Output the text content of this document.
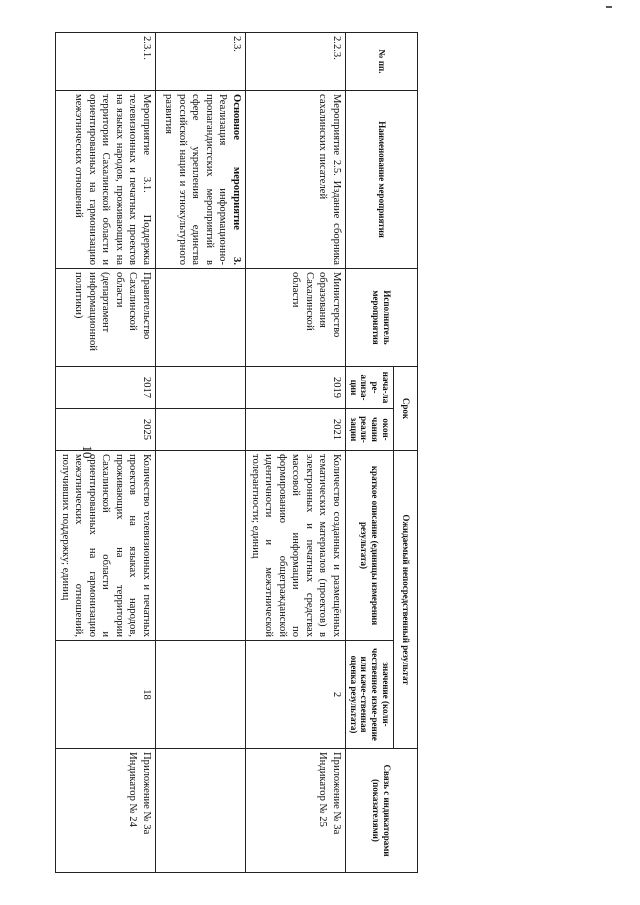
10
№ пп.	Наименование мероприятия	Исполнитель мероприятия	Срок		Ожидаемый непосредственный результат		Связь с индикаторами (показателями)
			нача-ла ре-ализа-ции	окон-чания реали-зации	краткое описание (единицы измерения результата)	значение (коли-чественное изме-рение или каче-ственная оценка результата)	

2.2.3.	Мероприятие 2.5. Издание сборника сахалинских писателей	Министерство образования Сахалинской области	2019	2021	Количество созданных и размещённых тематических материалов (проектов) в электронных и печатных средствах массовой информации по формированию общегражданской идентичности и межэтнической толерантности; единиц	2	Приложение № 3а Индикатор № 25
2.3.	Основное мероприятие 3. Реализация информационно-пропагандистских мероприятий в сфере укрепления единства российской нации и этнокультурного развития						
2.3.1.	Мероприятие 3.1. Поддержка телевизионных и печатных проектов на языках народов, проживающих на территории Сахалинской области и ориентированных на гармонизацию межэтнических отношений	Правительство Сахалинской области (департамент информационной политики)	2017	2025	Количество телевизионных и печатных проектов на языках народов, проживающих на территории Сахалинской области и ориентированных на гармонизацию межэтнических отношений, получивших поддержку; единиц	18	Приложение № 3а Индикатор № 24
